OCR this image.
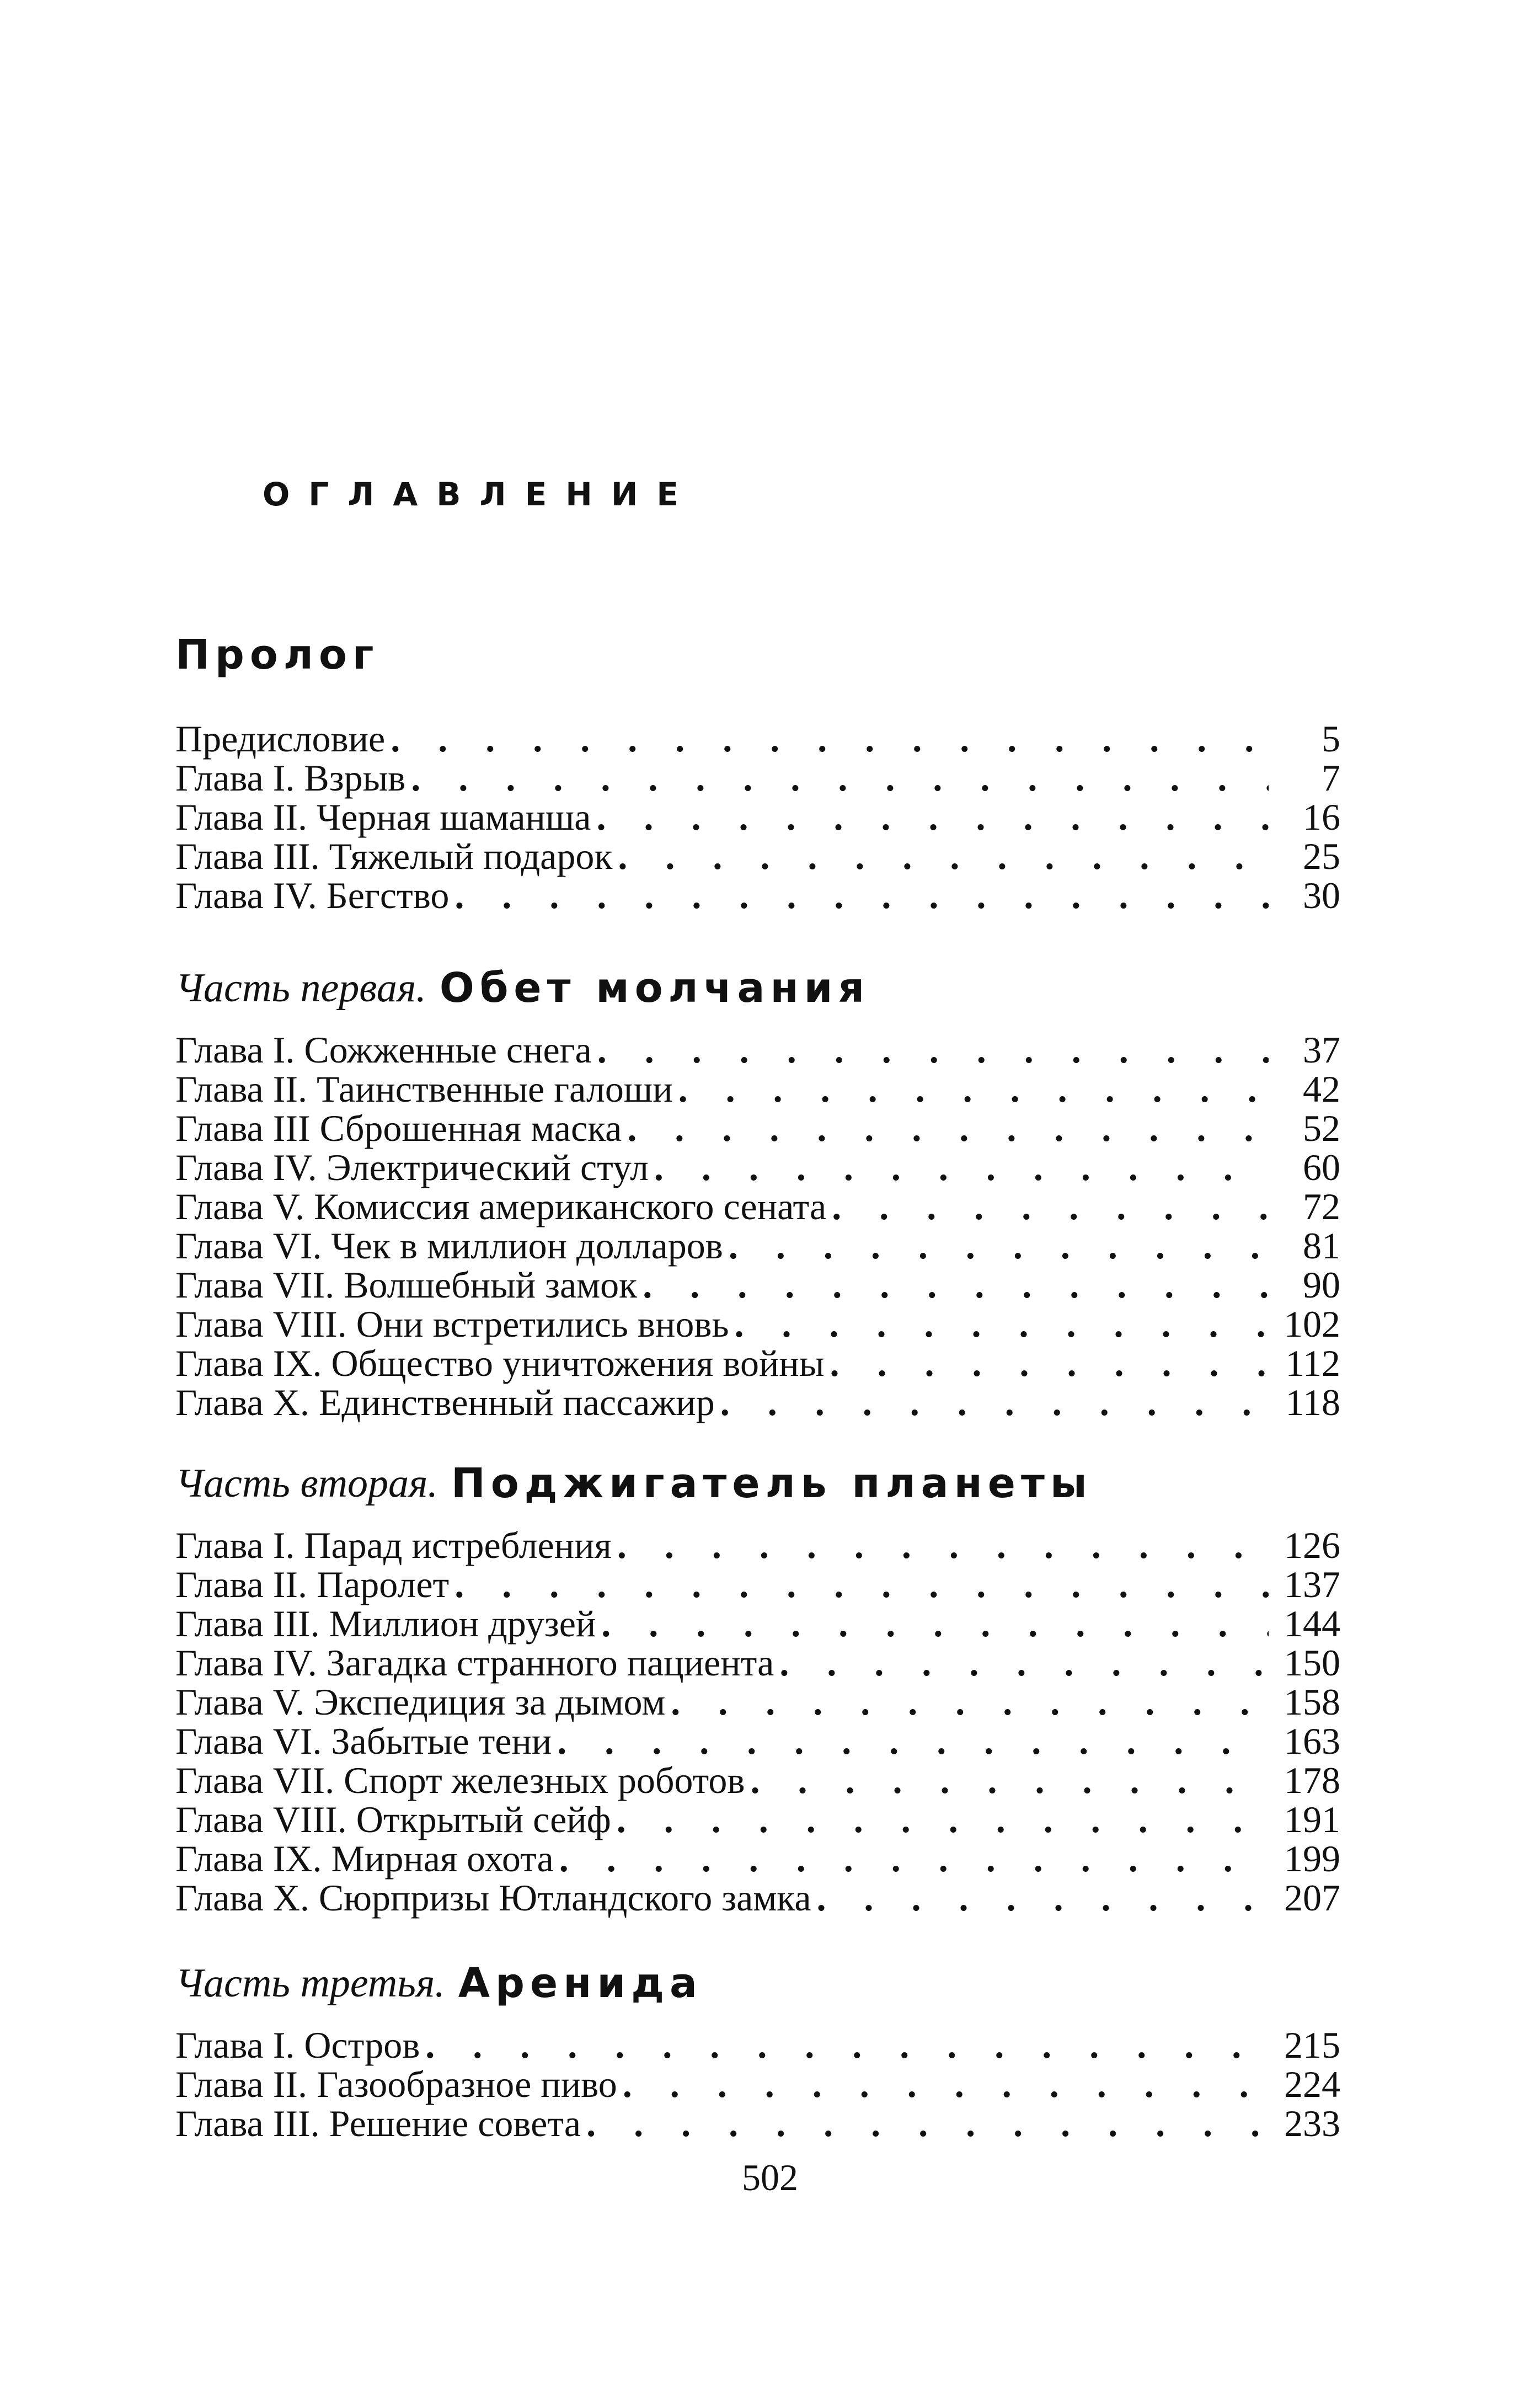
ОГЛАВЛЕНИЕ
Пролог
Предисловие . . .	5
Глава I. Взрыв . . .	7
Глава II. Черная шаманша . . .	16
Глава III. Тяжелый подарок . . .	25
Глава IV. Бегство . . .	30
Часть первая. Обет молчания
Глава I. Сожженные снега . . .	37
Глава II. Таинственные галоши . . .	42
Глава III Сброшенная маска . . .	52
Глава IV. Электрический стул . . .	60
Глава V. Комиссия американского сената . . .	72
Глава VI. Чек в миллион долларов . . .	81
Глава VII. Волшебный замок . . .	90
Глава VIII. Они встретились вновь . . .	102
Глава IX. Общество уничтожения войны . . .	112
Глава X. Единственный пассажир . . .	118
Часть вторая. Поджигатель планеты
Глава I. Парад истребления . . .	126
Глава II. Паролет . . .	137
Глава III. Миллион друзей . . .	144
Глава IV. Загадка странного пациента . . .	150
Глава V. Экспедиция за дымом . . .	158
Глава VI. Забытые тени . . .	163
Глава VII. Спорт железных роботов . . .	178
Глава VIII. Открытый сейф . . .	191
Глава IX. Мирная охота . . .	199
Глава X. Сюрпризы Ютландского замка . . .	207
Часть третья. Аренида
Глава I. Остров . . .	215
Глава II. Газообразное пиво . . .	224
Глава III. Решение совета . . .	233
502
